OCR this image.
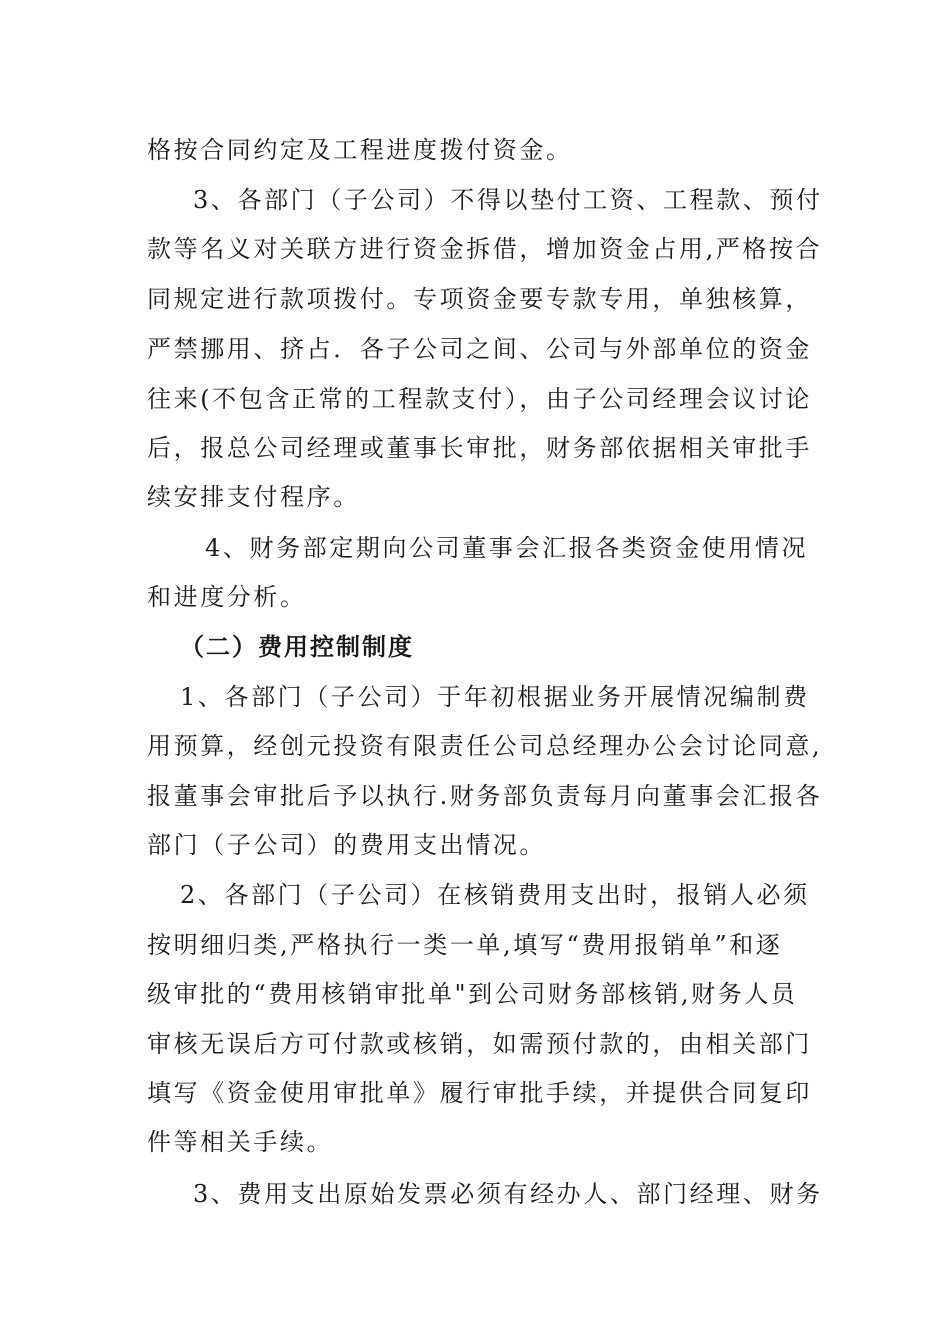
格按合同约定及工程进度拨付资金。
3、各部门（子公司）不得以垫付工资、工程款、预付
款等名义对关联方进行资金拆借，增加资金占用,严格按合
同规定进行款项拨付。专项资金要专款专用，单独核算，
严禁挪用、挤占．各子公司之间、公司与外部单位的资金
往来(不包含正常的工程款支付），由子公司经理会议讨论
后，报总公司经理或董事长审批，财务部依据相关审批手
续安排支付程序。
4、财务部定期向公司董事会汇报各类资金使用情况
和进度分析。
（二）费用控制制度
1、各部门（子公司）于年初根据业务开展情况编制费
用预算，经创元投资有限责任公司总经理办公会讨论同意,
报董事会审批后予以执行.财务部负责每月向董事会汇报各
部门（子公司）的费用支出情况。
2、各部门（子公司）在核销费用支出时，报销人必须
按明细归类,严格执行一类一单,填写“费用报销单”和逐
级审批的“费用核销审批单"到公司财务部核销,财务人员
审核无误后方可付款或核销，如需预付款的，由相关部门
填写《资金使用审批单》履行审批手续，并提供合同复印
件等相关手续。
3、费用支出原始发票必须有经办人、部门经理、财务
